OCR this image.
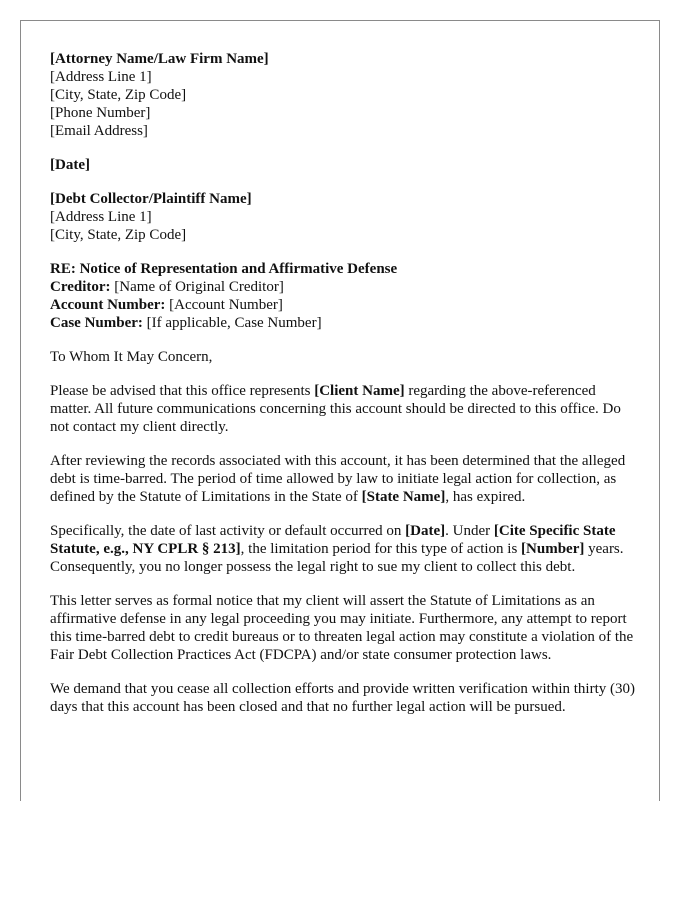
[Attorney Name/Law Firm Name]
[Address Line 1]
[City, State, Zip Code]
[Phone Number]
[Email Address]
[Date]
[Debt Collector/Plaintiff Name]
[Address Line 1]
[City, State, Zip Code]
RE: Notice of Representation and Affirmative Defense
Creditor: [Name of Original Creditor]
Account Number: [Account Number]
Case Number: [If applicable, Case Number]

To Whom It May Concern,

Please be advised that this office represents [Client Name] regarding the above-referenced matter. All future communications concerning this account should be directed to this office. Do not contact my client directly.

After reviewing the records associated with this account, it has been determined that the alleged debt is time-barred. The period of time allowed by law to initiate legal action for collection, as defined by the Statute of Limitations in the State of [State Name], has expired.

Specifically, the date of last activity or default occurred on [Date]. Under [Cite Specific State Statute, e.g., NY CPLR § 213], the limitation period for this type of action is [Number] years. Consequently, you no longer possess the legal right to sue my client to collect this debt.

This letter serves as formal notice that my client will assert the Statute of Limitations as an affirmative defense in any legal proceeding you may initiate. Furthermore, any attempt to report this time-barred debt to credit bureaus or to threaten legal action may constitute a violation of the Fair Debt Collection Practices Act (FDCPA) and/or state consumer protection laws.

We demand that you cease all collection efforts and provide written verification within thirty (30) days that this account has been closed and that no further legal action will be pursued.
